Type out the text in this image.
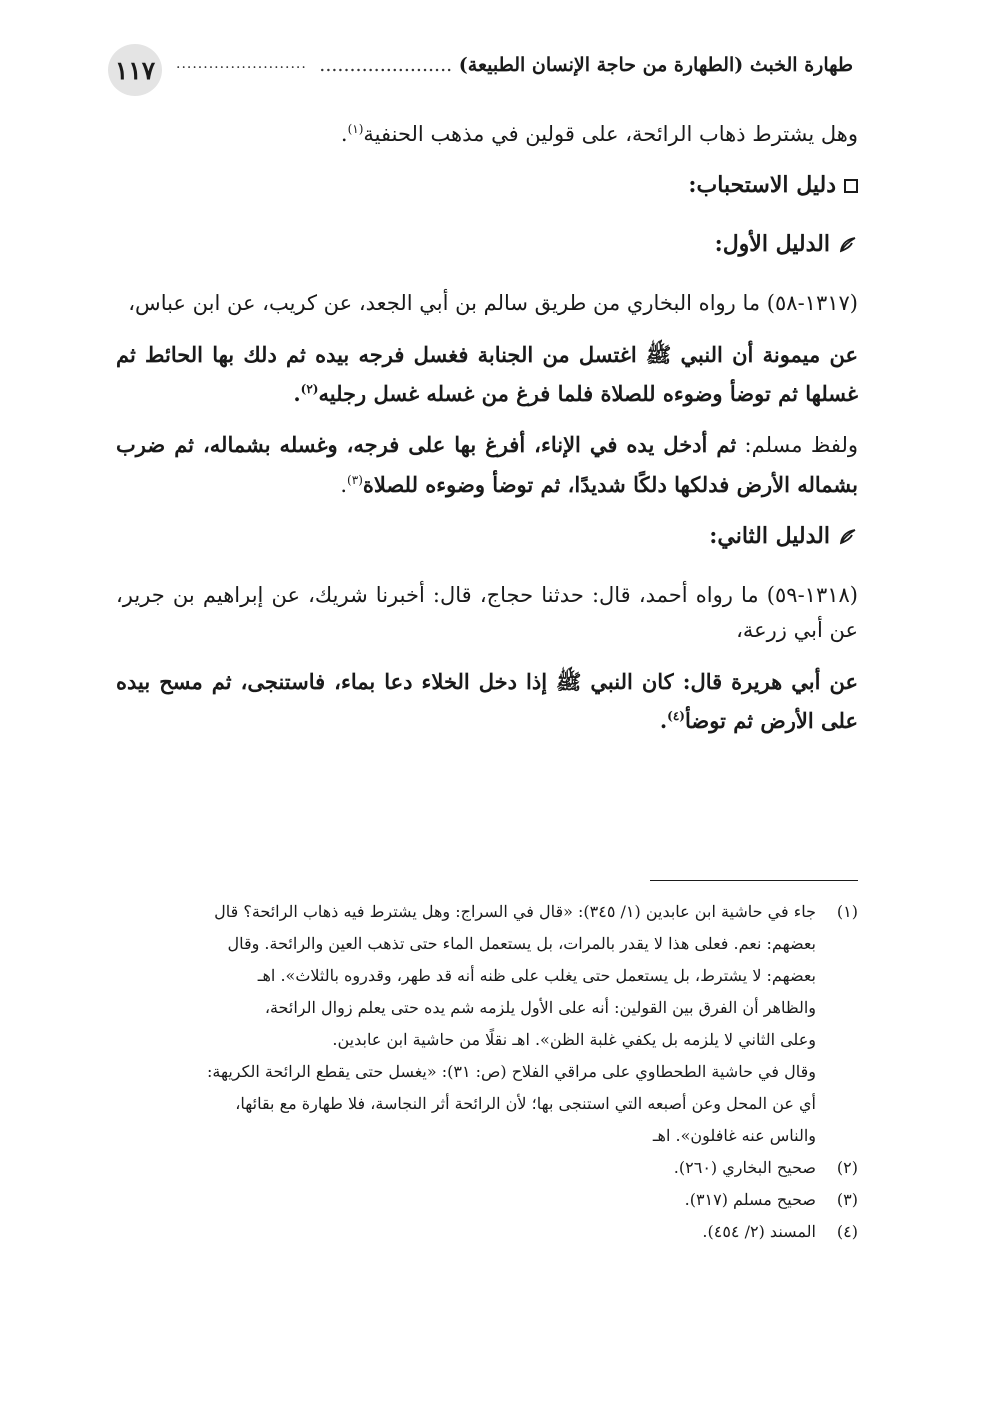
١١٧ ........................	طهارة الخبث (الطهارة من حاجة الإنسان الطبيعة) ......................

وهل يشترط ذهاب الرائحة، على قولين في مذهب الحنفية$^{(١)}$.

دليل الاستحباب:
الدليل الأول:

(١٣١٧-٥٨) ما رواه البخاري من طريق سالم بن أبي الجعد، عن كريب، عن ابن عباس،

عن ميمونة أن النبي ﷺ اغتسل من الجنابة فغسل فرجه بيده ثم دلك بها الحائط ثم غسلها ثم توضأ وضوءه للصلاة فلما فرغ من غسله غسل رجليه$^{(٢)}$.

ولفظ مسلم: ثم أدخل يده في الإناء، أفرغ بها على فرجه، وغسله بشماله، ثم ضرب بشماله الأرض فدلكها دلكًا شديدًا، ثم توضأ وضوءه للصلاة$^{(٣)}$.

الدليل الثاني:

(١٣١٨-٥٩) ما رواه أحمد، قال: حدثنا حجاج، قال: أخبرنا شريك، عن إبراهيم بن جرير، عن أبي زرعة،

عن أبي هريرة قال: كان النبي ﷺ إذا دخل الخلاء دعا بماء، فاستنجى، ثم مسح بيده على الأرض ثم توضأ$^{(٤)}$.

(١)
جاء في حاشية ابن عابدين (١/ ٣٤٥): «قال في السراج: وهل يشترط فيه ذهاب الرائحة؟ قال
بعضهم: نعم. فعلى هذا لا يقدر بالمرات، بل يستعمل الماء حتى تذهب العين والرائحة. وقال
بعضهم: لا يشترط، بل يستعمل حتى يغلب على ظنه أنه قد طهر، وقدروه بالثلاث». اهـ
والظاهر أن الفرق بين القولين: أنه على الأول يلزمه شم يده حتى يعلم زوال الرائحة،
وعلى الثاني لا يلزمه بل يكفي غلبة الظن». اهـ نقلًا من حاشية ابن عابدين.
وقال في حاشية الطحطاوي على مراقي الفلاح (ص: ٣١): «يغسل حتى يقطع الرائحة الكريهة:
أي عن المحل وعن أصبعه التي استنجى بها؛ لأن الرائحة أثر النجاسة، فلا طهارة مع بقائها،
والناس عنه غافلون». اهـ
(٢)
صحيح البخاري (٢٦٠).
(٣)
صحيح مسلم (٣١٧).
(٤)
المسند (٢/ ٤٥٤).
